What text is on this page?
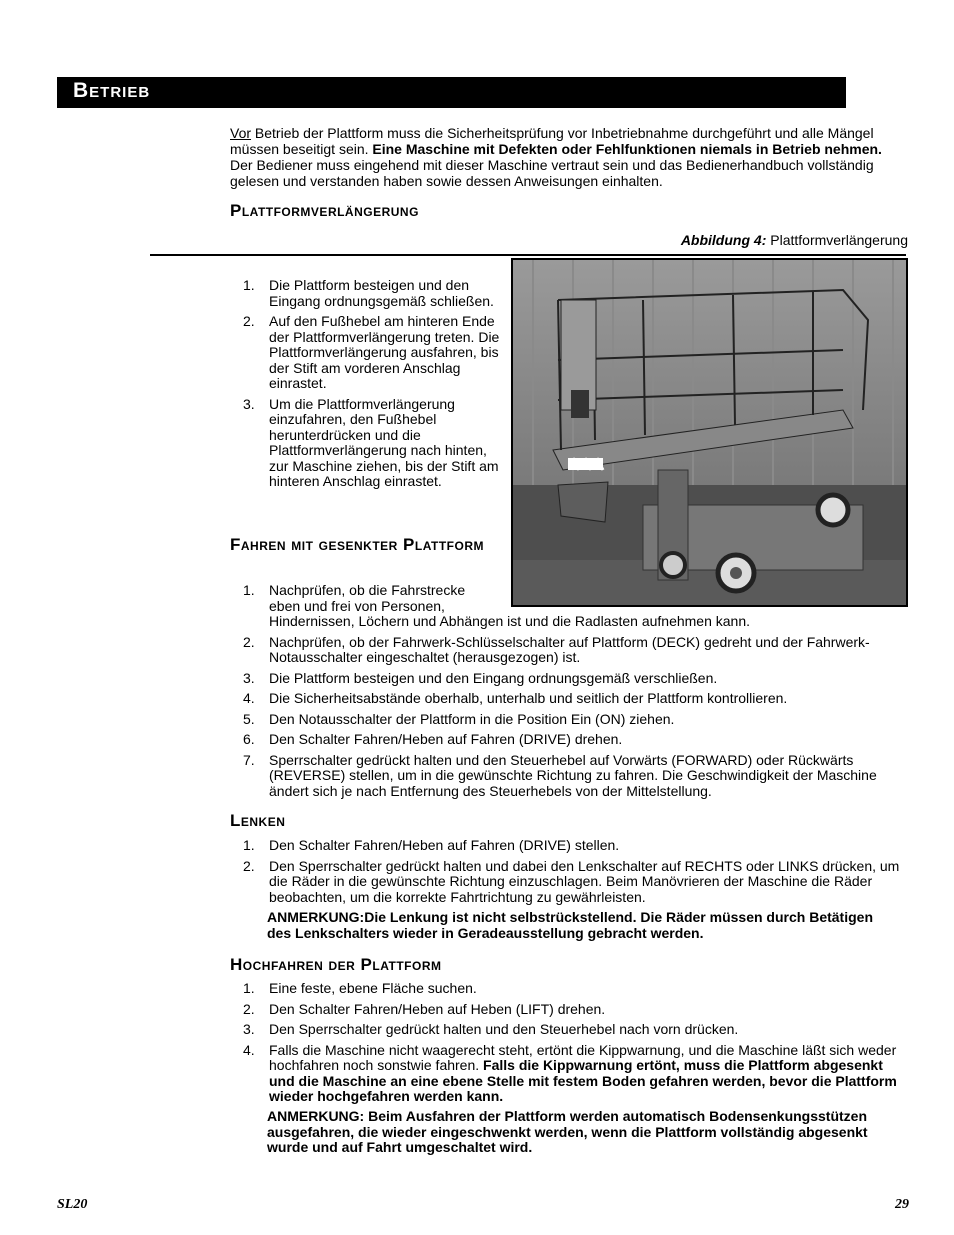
Betrieb
Vor Betrieb der Plattform muss die Sicherheitsprüfung vor Inbetriebnahme durchgeführt und alle Mängel müssen beseitigt sein. Eine Maschine mit Defekten oder Fehlfunktionen niemals in Betrieb nehmen. Der Bediener muss eingehend mit dieser Maschine vertraut sein und das Bedienerhandbuch vollständig gelesen und verstanden haben sowie dessen Anweisungen einhalten.
Plattformverlängerung
Abbildung 4: Plattformverlängerung
1. Die Plattform besteigen und den Eingang ordnungsgemäß schließen.
2. Auf den Fußhebel am hinteren Ende der Plattformverlängerung treten. Die Plattformverlängerung ausfahren, bis der Stift am vorderen Anschlag einrastet.
3. Um die Plattformverlängerung einzufahren, den Fußhebel herunterdrücken und die Plattformverlängerung nach hinten, zur Maschine ziehen, bis der Stift am hinteren Anschlag einrastet.
Fahren mit gesenkter Plattform
1. Nachprüfen, ob die Fahrstrecke
eben und frei von Personen,
Hindernissen, Löchern und Abhängen ist und die Radlasten aufnehmen kann.
2. Nachprüfen, ob der Fahrwerk-Schlüsselschalter auf Plattform (DECK) gedreht und der Fahrwerk-Notausschalter eingeschaltet (herausgezogen) ist.
3. Die Plattform besteigen und den Eingang ordnungsgemäß verschließen.
4. Die Sicherheitsabstände oberhalb, unterhalb und seitlich der Plattform kontrollieren.
5. Den Notausschalter der Plattform in die Position Ein (ON) ziehen.
6. Den Schalter Fahren/Heben auf Fahren (DRIVE) drehen.
7. Sperrschalter gedrückt halten und den Steuerhebel auf Vorwärts (FORWARD) oder Rückwärts (REVERSE) stellen, um in die gewünschte Richtung zu fahren. Die Geschwindigkeit der Maschine ändert sich je nach Entfernung des Steuerhebels von der Mittelstellung.
Lenken
1. Den Schalter Fahren/Heben auf Fahren (DRIVE) stellen.
2. Den Sperrschalter gedrückt halten und dabei den Lenkschalter auf RECHTS oder LINKS drücken, um die Räder in die gewünschte Richtung einzuschlagen. Beim Manövrieren der Maschine die Räder beobachten, um die korrekte Fahrtrichtung zu gewährleisten.
ANMERKUNG:Die Lenkung ist nicht selbstrückstellend. Die Räder müssen durch Betätigen des Lenkschalters wieder in Geradeausstellung gebracht werden.
Hochfahren der Plattform
1. Eine feste, ebene Fläche suchen.
2. Den Schalter Fahren/Heben auf Heben (LIFT) drehen.
3. Den Sperrschalter gedrückt halten und den Steuerhebel nach vorn drücken.
4. Falls die Maschine nicht waagerecht steht, ertönt die Kippwarnung, und die Maschine läßt sich weder hochfahren noch sonstwie fahren. Falls die Kippwarnung ertönt, muss die Plattform abgesenkt und die Maschine an eine ebene Stelle mit festem Boden gefahren werden, bevor die Plattform wieder hochgefahren werden kann.
ANMERKUNG: Beim Ausfahren der Plattform werden automatisch Bodensenkungsstützen ausgefahren, die wieder eingeschwenkt werden, wenn die Plattform vollständig abgesenkt wurde und auf Fahrt umgeschaltet wird.
SL20	29
